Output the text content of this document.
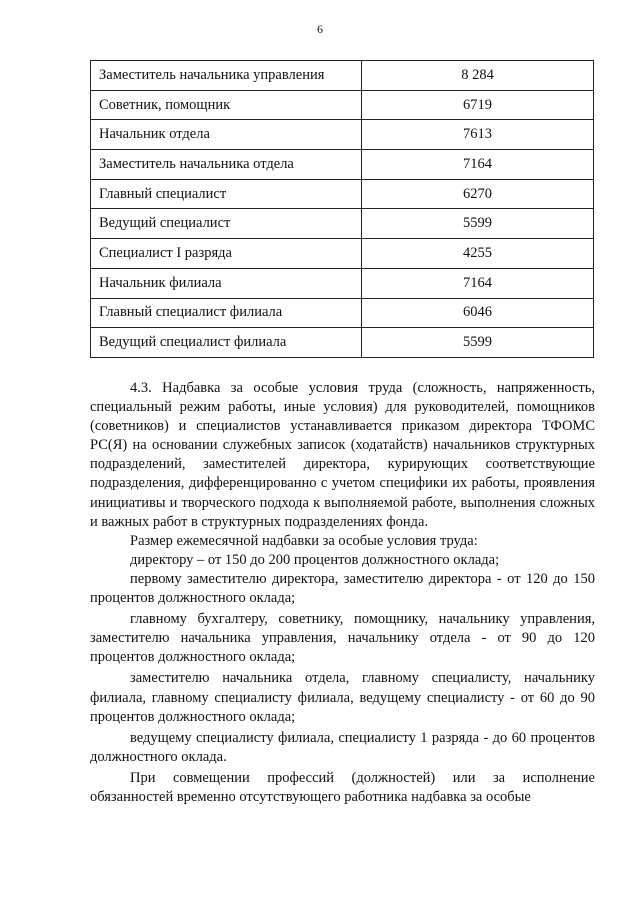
6
Заместитель начальника управления	8 284
Советник, помощник	6719
Начальник отдела	7613
Заместитель начальника отдела	7164
Главный специалист	6270
Ведущий специалист	5599
Специалист I разряда	4255
Начальник филиала	7164
Главный специалист филиала	6046
Ведущий специалист филиала	5599

4.3. Надбавка за особые условия труда (сложность, напряженность, специальный режим работы, иные условия) для руководителей, помощников (советников) и специалистов устанавливается приказом директора ТФОМС РС(Я) на основании служебных записок (ходатайств) начальников структурных подразделений, заместителей директора, курирующих соответствующие подразделения, дифференцированно с учетом специфики их работы, проявления инициативы и творческого подхода к выполняемой работе, выполнения сложных и важных работ в структурных подразделениях фонда.

Размер ежемесячной надбавки за особые условия труда:

директору – от 150 до 200 процентов должностного оклада;

первому заместителю директора, заместителю директора - от 120 до 150 процентов должностного оклада;

главному бухгалтеру, советнику, помощнику, начальнику управления, заместителю начальника управления, начальнику отдела - от 90 до 120 процентов должностного оклада;

заместителю начальника отдела, главному специалисту, начальнику филиала, главному специалисту филиала, ведущему специалисту - от 60 до 90 процентов должностного оклада;

ведущему специалисту филиала, специалисту 1 разряда - до 60 процентов должностного оклада.

При совмещении профессий (должностей) или за исполнение обязанностей временно отсутствующего работника надбавка за особые
